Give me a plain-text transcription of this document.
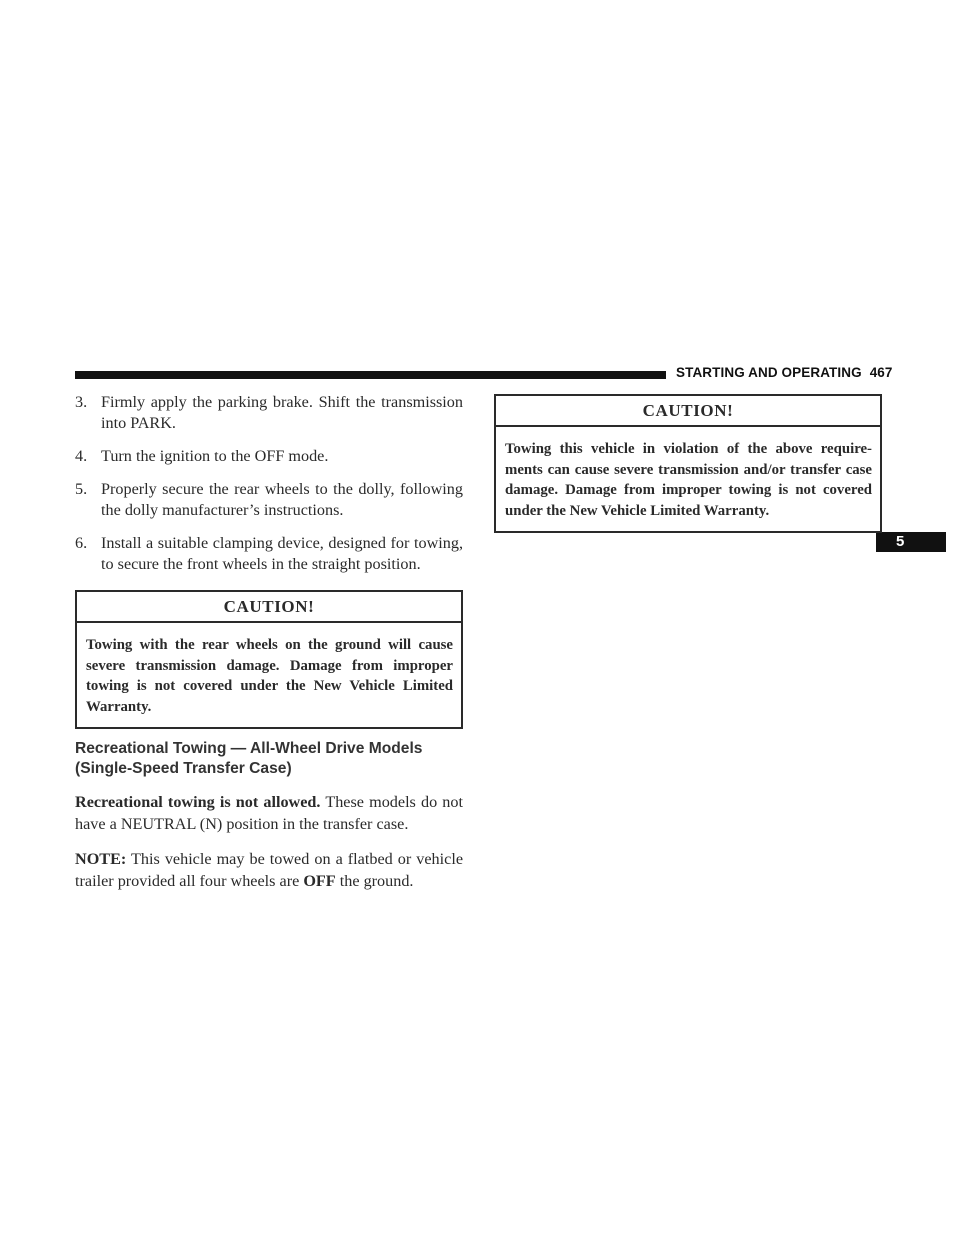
STARTING AND OPERATING 467
5
3. Firmly apply the parking brake. Shift the transmission into PARK.
4. Turn the ignition to the OFF mode.
5. Properly secure the rear wheels to the dolly, following the dolly manufacturer’s instructions.
6. Install a suitable clamping device, designed for towing, to secure the front wheels in the straight position.
CAUTION!
Towing with the rear wheels on the ground will cause severe transmission damage. Damage from improper towing is not covered under the New Vehicle Limited Warranty.
Recreational Towing — All-Wheel Drive Models
(Single-Speed Transfer Case)

Recreational towing is not allowed. These models do not have a NEUTRAL (N) position in the transfer case.

NOTE: This vehicle may be towed on a flatbed or vehicle trailer provided all four wheels are OFF the ground.

CAUTION!
Towing this vehicle in violation of the above require-ments can cause severe transmission and/or transfer case damage. Damage from improper towing is not covered under the New Vehicle Limited Warranty.
